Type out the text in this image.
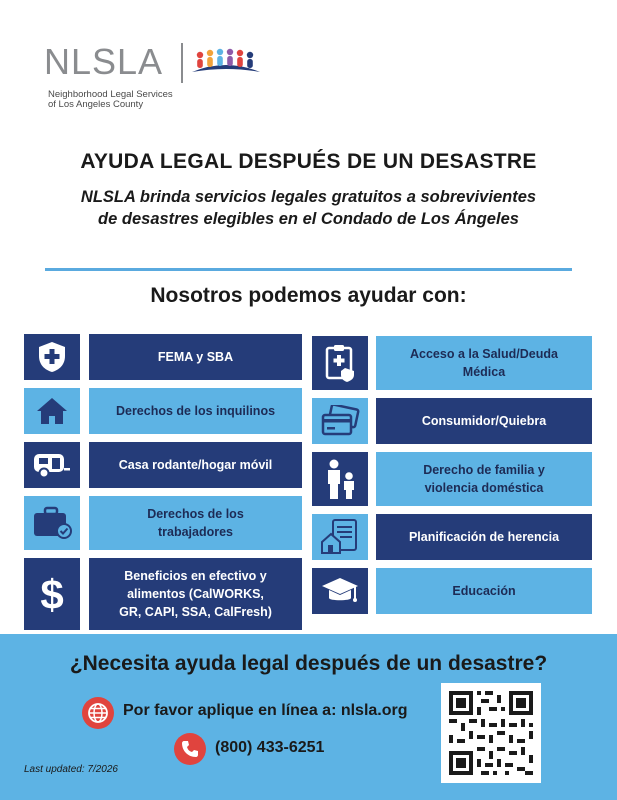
NLSLA
Neighborhood Legal Services
of Los Angeles County
AYUDA LEGAL DESPUÉS DE UN DESASTRE
NLSLA brinda servicios legales gratuitos a sobrevivientes
de desastres elegibles en el Condado de Los Ángeles
Nosotros podemos ayudar con:
FEMA y SBA
Derechos de los inquilinos
Casa rodante/hogar móvil
Derechos de los
trabajadores
$	Beneficios en efectivo y
alimentos (CalWORKS,
GR, CAPI, SSA, CalFresh)
Acceso a la Salud/Deuda
Médica
Consumidor/Quiebra
Derecho de familia y
violencia doméstica
Planificación de herencia
Educación
¿Necesita ayuda legal después de un desastre?
Por favor aplique en línea a: nlsla.org
(800) 433-6251
Last updated: 7/2026
